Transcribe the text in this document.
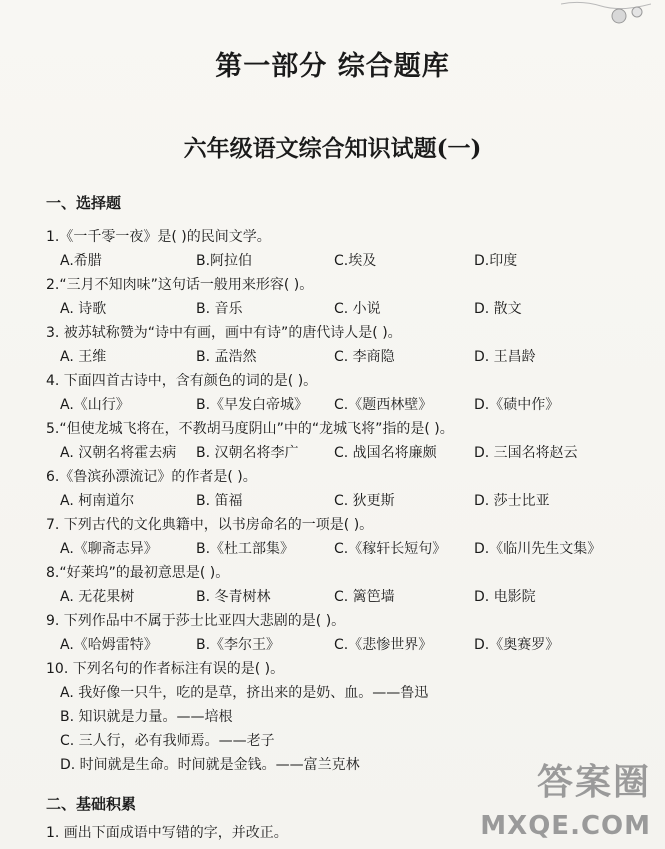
第一部分 综合题库
六年级语文综合知识试题(一)
一、选择题
1.《一千零一夜》是( )的民间文学。
A.希腊	B.阿拉伯	C.埃及	D.印度
2.“三月不知肉味”这句话一般用来形容( )。
A. 诗歌	B. 音乐	C. 小说	D. 散文
3. 被苏轼称赞为“诗中有画，画中有诗”的唐代诗人是( )。
A. 王维	B. 孟浩然	C. 李商隐	D. 王昌龄
4. 下面四首古诗中，含有颜色的词的是( )。
A.《山行》	B.《早发白帝城》 C.《题西林壁》	D.《碛中作》
5.“但使龙城飞将在，不教胡马度阴山”中的“龙城飞将”指的是( )。
A. 汉朝名将霍去病 B. 汉朝名将李广	C. 战国名将廉颇	D. 三国名将赵云
6.《鲁滨孙漂流记》的作者是( )。
A. 柯南道尔	B. 笛福	C. 狄更斯	D. 莎士比亚
7. 下列古代的文化典籍中，以书房命名的一项是( )。
A.《聊斋志异》	B.《杜工部集》	C.《稼轩长短句》 D.《临川先生文集》
8.“好莱坞”的最初意思是( )。
A. 无花果树	B. 冬青树林	C. 篱笆墙	D. 电影院
9. 下列作品中不属于莎士比亚四大悲剧的是( )。
A.《哈姆雷特》	B.《李尔王》	C.《悲惨世界》	D.《奥赛罗》
10. 下列名句的作者标注有误的是( )。
A. 我好像一只牛，吃的是草，挤出来的是奶、血。——鲁迅
B. 知识就是力量。——培根
C. 三人行，必有我师焉。——老子
D. 时间就是生命。时间就是金钱。——富兰克林
二、基础积累
1. 画出下面成语中写错的字，并改正。
答案圈
MXQE.COM
